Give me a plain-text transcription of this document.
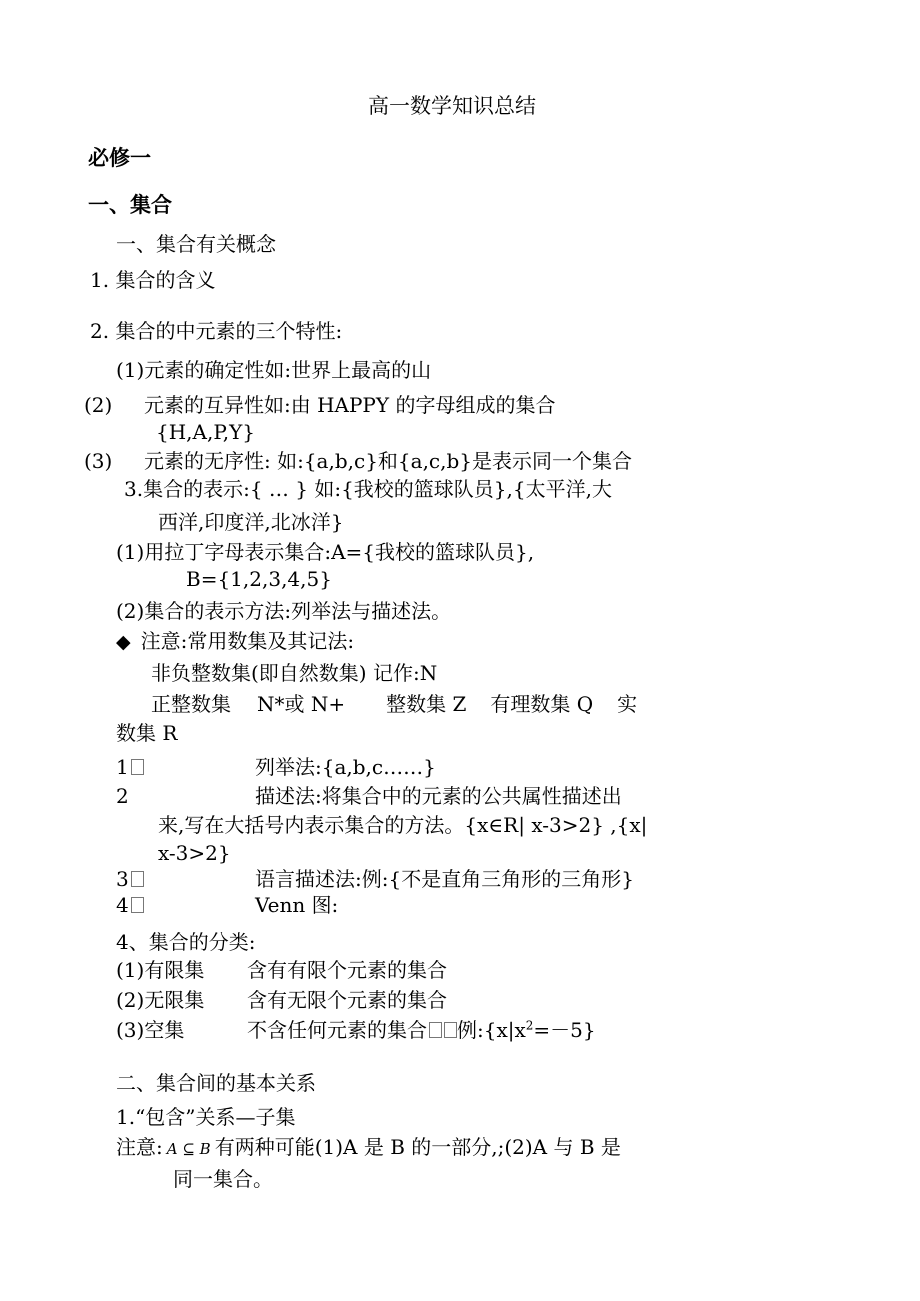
高一数学知识总结
必修一
一、集合
一、集合有关概念
1. 集合的含义
2. 集合的中元素的三个特性:
(1)元素的确定性如:世界上最高的山
(2) 元素的互异性如:由 HAPPY 的字母组成的集合
{H,A,P,Y}
(3) 元素的无序性: 如:{a,b,c}和{a,c,b}是表示同一个集合
3.集合的表示:{ … } 如:{我校的篮球队员},{太平洋,大
西洋,印度洋,北冰洋}
(1)用拉丁字母表示集合:A={我校的篮球队员},
B={1,2,3,4,5}
(2)集合的表示方法:列举法与描述法。
◆ 注意:常用数集及其记法:
非负整数集(即自然数集) 记作:N
正整数集 N*或 N+ 整数集 Z 有理数集 Q 实
数集 R
1	列举法:{a,b,c……}
2	描述法:将集合中的元素的公共属性描述出
来,写在大括号内表示集合的方法。{x∈R| x-3>2} ,{x|
x-3>2}
3	语言描述法:例:{不是直角三角形的三角形}
4	Venn 图:
4、集合的分类:
(1)有限集 含有有限个元素的集合
(2)无限集 含有无限个元素的集合
(3)空集	不含任何元素的集合 例$:\{x|x^2=-5\}$
二、集合间的基本关系
1.“包含”关系—子集
注意: A ⊆ B 有两种可能(1)A 是 B 的一部分,;(2)A 与 B 是
同一集合。
